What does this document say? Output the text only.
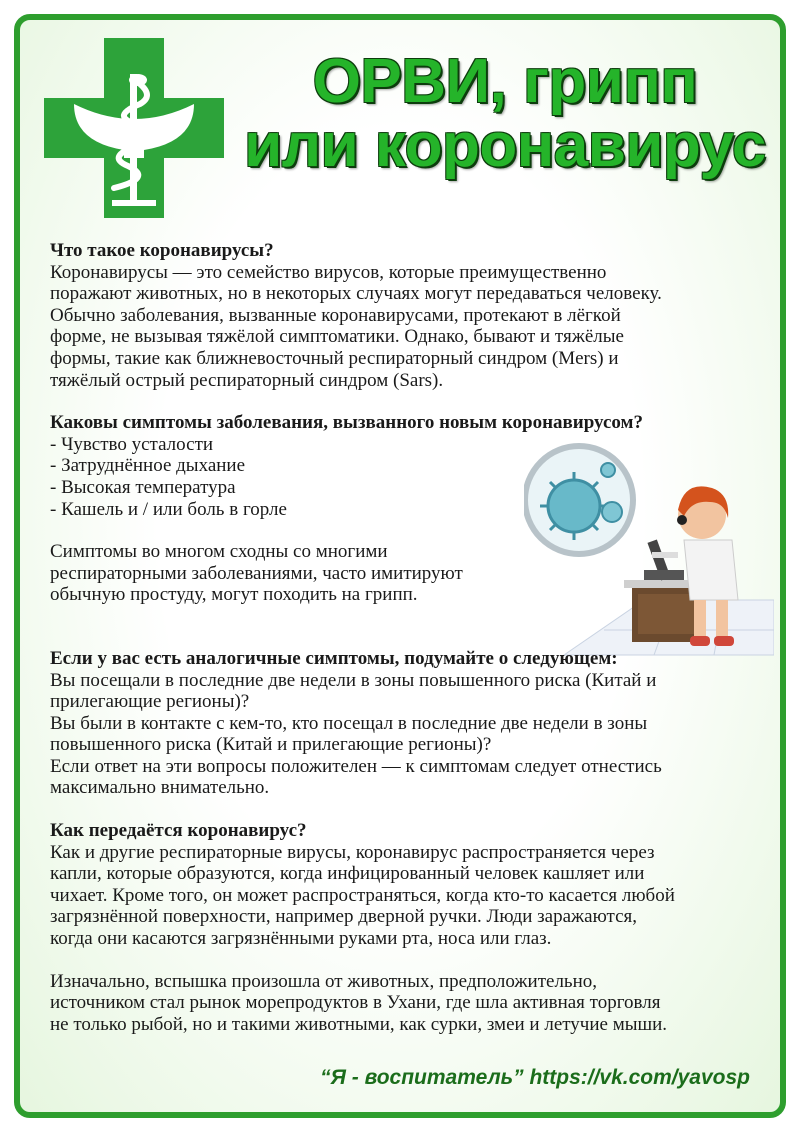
ОРВИ, грипп
или коронавирус

Что такое коронавирусы?

Коронавирусы — это семейство вирусов, которые преимущественно

поражают животных, но в некоторых случаях могут передаваться человеку.

Обычно заболевания, вызванные коронавирусами, протекают в лёгкой

форме, не вызывая тяжёлой симптоматики. Однако, бывают и тяжёлые

формы, такие как ближневосточный респираторный синдром (Mers) и

тяжёлый острый респираторный синдром (Sars).

Каковы симптомы заболевания, вызванного новым коронавирусом?

- Чувство усталости

- Затруднённое дыхание

- Высокая температура

- Кашель и / или боль в горле

Симптомы во многом сходны со многими

респираторными заболеваниями, часто имитируют

обычную простуду, могут походить на грипп.

Если у вас есть аналогичные симптомы, подумайте о следующем:

Вы посещали в последние две недели в зоны повышенного риска (Китай и

прилегающие регионы)?

Вы были в контакте с кем-то, кто посещал в последние две недели в зоны

повышенного риска (Китай и прилегающие регионы)?

Если ответ на эти вопросы положителен — к симптомам следует отнестись

максимально внимательно.

Как передаётся коронавирус?

Как и другие респираторные вирусы, коронавирус распространяется через

капли, которые образуются, когда инфицированный человек кашляет или

чихает. Кроме того, он может распространяться, когда кто-то касается любой

загрязнённой поверхности, например дверной ручки. Люди заражаются,

когда они касаются загрязнёнными руками рта, носа или глаз.

Изначально, вспышка произошла от животных, предположительно,

источником стал рынок морепродуктов в Ухани, где шла активная торговля

не только рыбой, но и такими животными, как сурки, змеи и летучие мыши.

“Я - воспитатель” https://vk.com/yavosp
